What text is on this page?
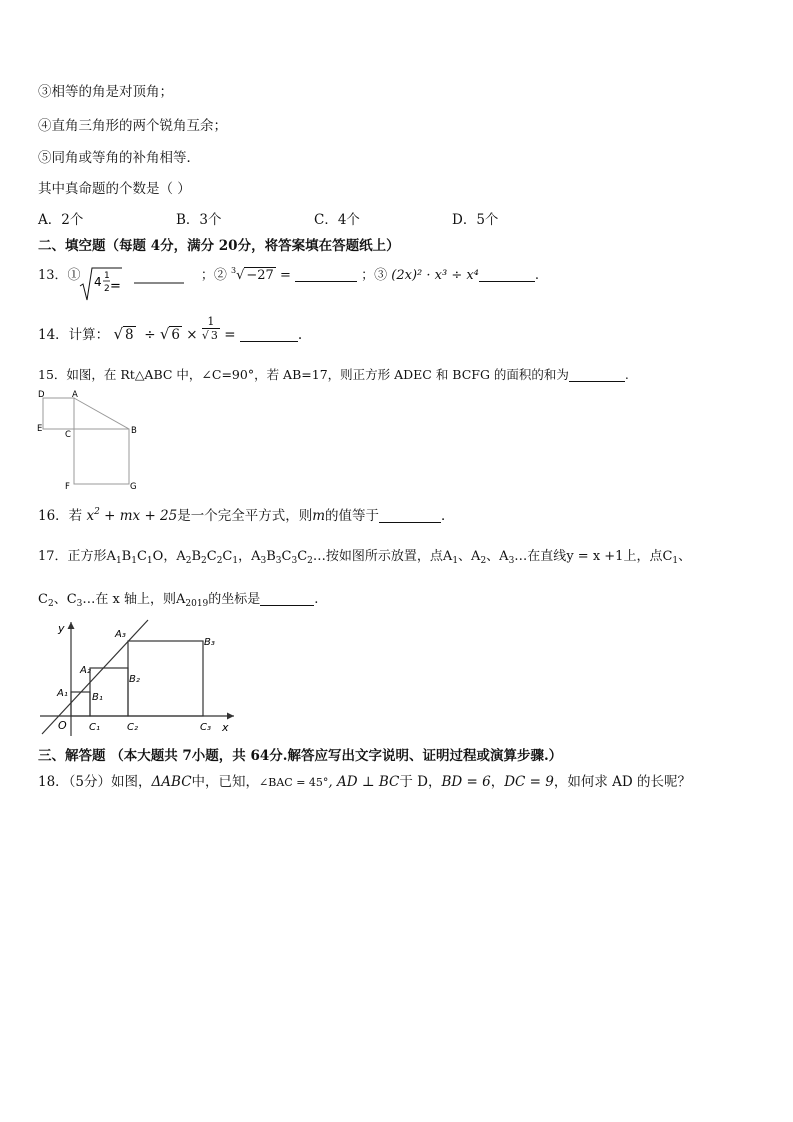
③相等的角是对顶角；
④直角三角形的两个锐角互余；
⑤同角或等角的补角相等．
其中真命题的个数是（ ）
A．2个	B．3个	C．4个	D．5个
二、填空题（每题 4分，满分 20分，将答案填在答题纸上）
13．① 4 1
2 =
；② $^3$√ −27 =	；③ (2x)² · x³ ÷ x⁴	.
14．计算： √ 8  ÷ √ $6 \times \frac{1}{√ 3}$ =	.
15．如图，在 Rt△ABC 中，∠C=90°，若 AB=17，则正方形 ADEC 和 BCFG 的面积的和为	.
D	A
E
C	B
F	G
16．若 $x^2$ + mx + 25是一个完全平方式，则m的值等于	．
17．正方形$A_1B_1C_1O$，$A_2B_2C_2C_1$，$A_3B_3C_3C_2\dots$按如图所示放置，点$A_1$、$A_2$、$A_3\dots$在直线y = x +1上，点$C_1$、
$C_2$、$C_3\dots$在 x 轴上，则$A_{2019}$的坐标是	.
y
x
O
A₁
A₂
A₃
B₁
B₂
B₃
C₁	C₂	C₃
三、解答题 （本大题共 7小题，共 64分.解答应写出文字说明、证明过程或演算步骤.）
18．（5分）如图，ΔABC中，已知，∠BAC = 45°, AD ⊥ BC于 D，BD = 6，DC = 9，如何求 AD 的长呢？
